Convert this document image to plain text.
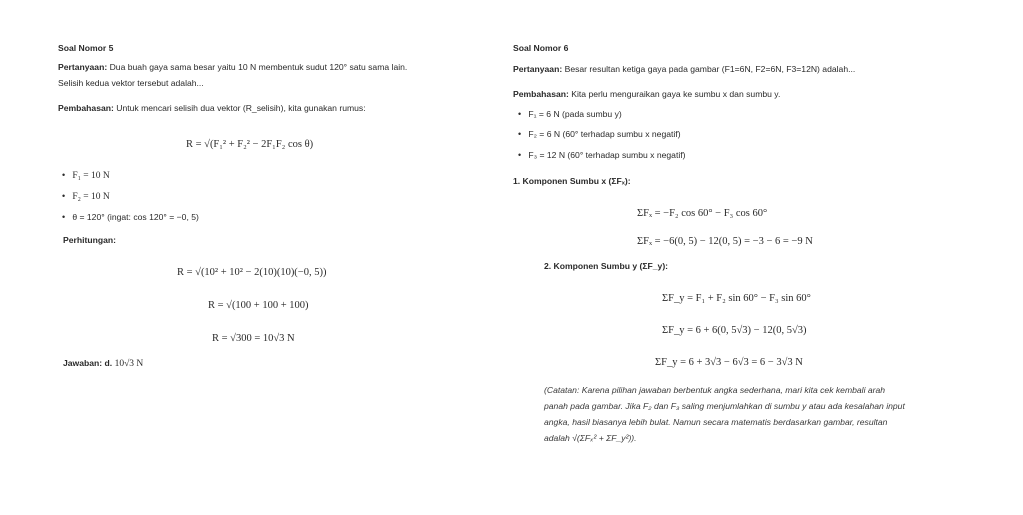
Soal Nomor 5
Pertanyaan: Dua buah gaya sama besar yaitu 10 N membentuk sudut 120° satu sama lain.
Selisih kedua vektor tersebut adalah...
Pembahasan: Untuk mencari selisih dua vektor (R_selisih), kita gunakan rumus:
R = √(F₁² + F₂² − 2F₁F₂ cos θ)
• F₁ = 10 N
• F₂ = 10 N
• θ = 120° (ingat: cos 120° = −0, 5)
Perhitungan:
R = √(10² + 10² − 2(10)(10)(−0, 5))
R = √(100 + 100 + 100)
R = √300 = 10√3 N
Jawaban: d. 10√3 N
Soal Nomor 6
Pertanyaan: Besar resultan ketiga gaya pada gambar (F1=6N, F2=6N, F3=12N) adalah...
Pembahasan: Kita perlu menguraikan gaya ke sumbu x dan sumbu y.
• F₁ = 6 N (pada sumbu y)
• F₂ = 6 N (60° terhadap sumbu x negatif)
• F₃ = 12 N (60° terhadap sumbu x negatif)
1. Komponen Sumbu x (ΣFₓ):
ΣFₓ = −F₂ cos 60° − F₃ cos 60°
ΣFₓ = −6(0, 5) − 12(0, 5) = −3 − 6 = −9 N
2. Komponen Sumbu y (ΣF_y):
ΣF_y = F₁ + F₂ sin 60° − F₃ sin 60°
ΣF_y = 6 + 6(0, 5√3) − 12(0, 5√3)
ΣF_y = 6 + 3√3 − 6√3 = 6 − 3√3 N
(Catatan: Karena pilihan jawaban berbentuk angka sederhana, mari kita cek kembali arah
panah pada gambar. Jika F₂ dan F₃ saling menjumlahkan di sumbu y atau ada kesalahan input
angka, hasil biasanya lebih bulat. Namun secara matematis berdasarkan gambar, resultan
adalah √(ΣFₓ² + ΣF_y²)).
